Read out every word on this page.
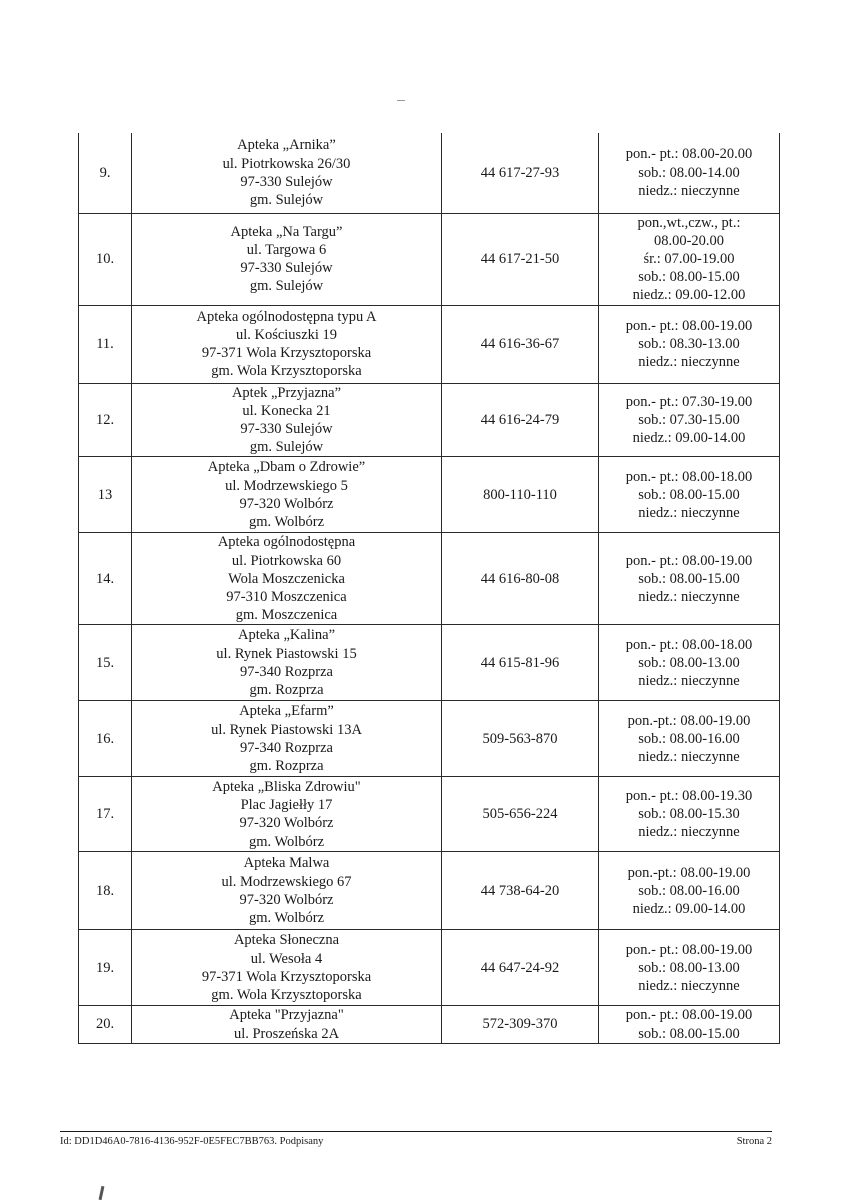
9.	Apteka „Arnika”
ul. Piotrkowska 26/30
97-330 Sulejów
gm. Sulejów	44 617-27-93	pon.- pt.: 08.00-20.00
sob.: 08.00-14.00
niedz.: nieczynne

10.	Apteka „Na Targu”
ul. Targowa 6
97-330 Sulejów
gm. Sulejów	44 617-21-50	pon.,wt.,czw., pt.:
08.00-20.00
śr.: 07.00-19.00
sob.: 08.00-15.00
niedz.: 09.00-12.00

11.	Apteka ogólnodostępna typu A
ul. Kościuszki 19
97-371 Wola Krzysztoporska
gm. Wola Krzysztoporska	44 616-36-67	pon.- pt.: 08.00-19.00
sob.: 08.30-13.00
niedz.: nieczynne

12.	Aptek „Przyjazna”
ul. Konecka 21
97-330 Sulejów
gm. Sulejów	44 616-24-79	pon.- pt.: 07.30-19.00
sob.: 07.30-15.00
niedz.: 09.00-14.00

13	Apteka „Dbam o Zdrowie”
ul. Modrzewskiego 5
97-320 Wolbórz
gm. Wolbórz	800-110-110	pon.- pt.: 08.00-18.00
sob.: 08.00-15.00
niedz.: nieczynne

14.	Apteka ogólnodostępna
ul. Piotrkowska 60
Wola Moszczenicka
97-310 Moszczenica
gm. Moszczenica	44 616-80-08	pon.- pt.: 08.00-19.00
sob.: 08.00-15.00
niedz.: nieczynne

15.	Apteka „Kalina”
ul. Rynek Piastowski 15
97-340 Rozprza
gm. Rozprza	44 615-81-96	pon.- pt.: 08.00-18.00
sob.: 08.00-13.00
niedz.: nieczynne

16.	Apteka „Efarm”
ul. Rynek Piastowski 13A
97-340 Rozprza
gm. Rozprza	509-563-870	pon.-pt.: 08.00-19.00
sob.: 08.00-16.00
niedz.: nieczynne

17.	Apteka „Bliska Zdrowiu"
Plac Jagiełły 17
97-320 Wolbórz
gm. Wolbórz	505-656-224	pon.- pt.: 08.00-19.30
sob.: 08.00-15.30
niedz.: nieczynne

18.	Apteka Malwa
ul. Modrzewskiego 67
97-320 Wolbórz
gm. Wolbórz	44 738-64-20	pon.-pt.: 08.00-19.00
sob.: 08.00-16.00
niedz.: 09.00-14.00

19.	Apteka Słoneczna
ul. Wesoła 4
97-371 Wola Krzysztoporska
gm. Wola Krzysztoporska	44 647-24-92	pon.- pt.: 08.00-19.00
sob.: 08.00-13.00
niedz.: nieczynne

20.	Apteka "Przyjazna"
ul. Proszeńska 2A	572-309-370	pon.- pt.: 08.00-19.00
sob.: 08.00-15.00
Id: DD1D46A0-7816-4136-952F-0E5FEC7BB763. Podpisany	Strona 2
